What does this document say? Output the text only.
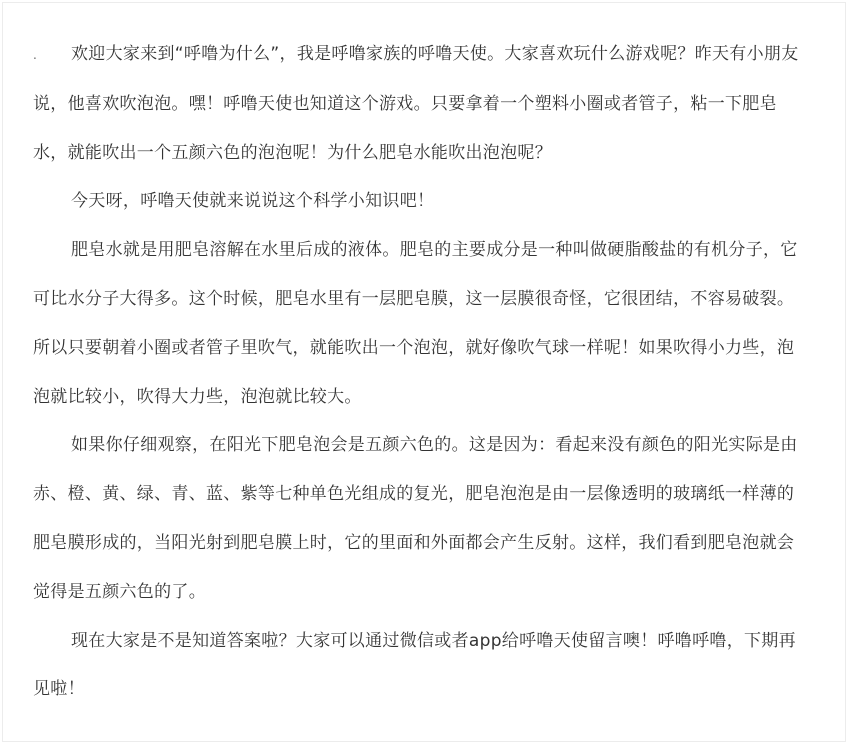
. 欢迎大家来到“呼噜为什么”，我是呼噜家族的呼噜天使。大家喜欢玩什么游戏呢？昨天有小朋友说，他喜欢吹泡泡。嘿！呼噜天使也知道这个游戏。只要拿着一个塑料小圈或者管子，粘一下肥皂水，就能吹出一个五颜六色的泡泡呢！为什么肥皂水能吹出泡泡呢？

今天呀，呼噜天使就来说说这个科学小知识吧！

肥皂水就是用肥皂溶解在水里后成的液体。肥皂的主要成分是一种叫做硬脂酸盐的有机分子，它可比水分子大得多。这个时候，肥皂水里有一层肥皂膜，这一层膜很奇怪，它很团结，不容易破裂。所以只要朝着小圈或者管子里吹气，就能吹出一个泡泡，就好像吹气球一样呢！如果吹得小力些，泡泡就比较小，吹得大力些，泡泡就比较大。

如果你仔细观察，在阳光下肥皂泡会是五颜六色的。这是因为：看起来没有颜色的阳光实际是由赤、橙、黄、绿、青、蓝、紫等七种单色光组成的复光，肥皂泡泡是由一层像透明的玻璃纸一样薄的肥皂膜形成的，当阳光射到肥皂膜上时，它的里面和外面都会产生反射。这样，我们看到肥皂泡就会觉得是五颜六色的了。

现在大家是不是知道答案啦？大家可以通过微信或者app给呼噜天使留言噢！呼噜呼噜，下期再见啦！
